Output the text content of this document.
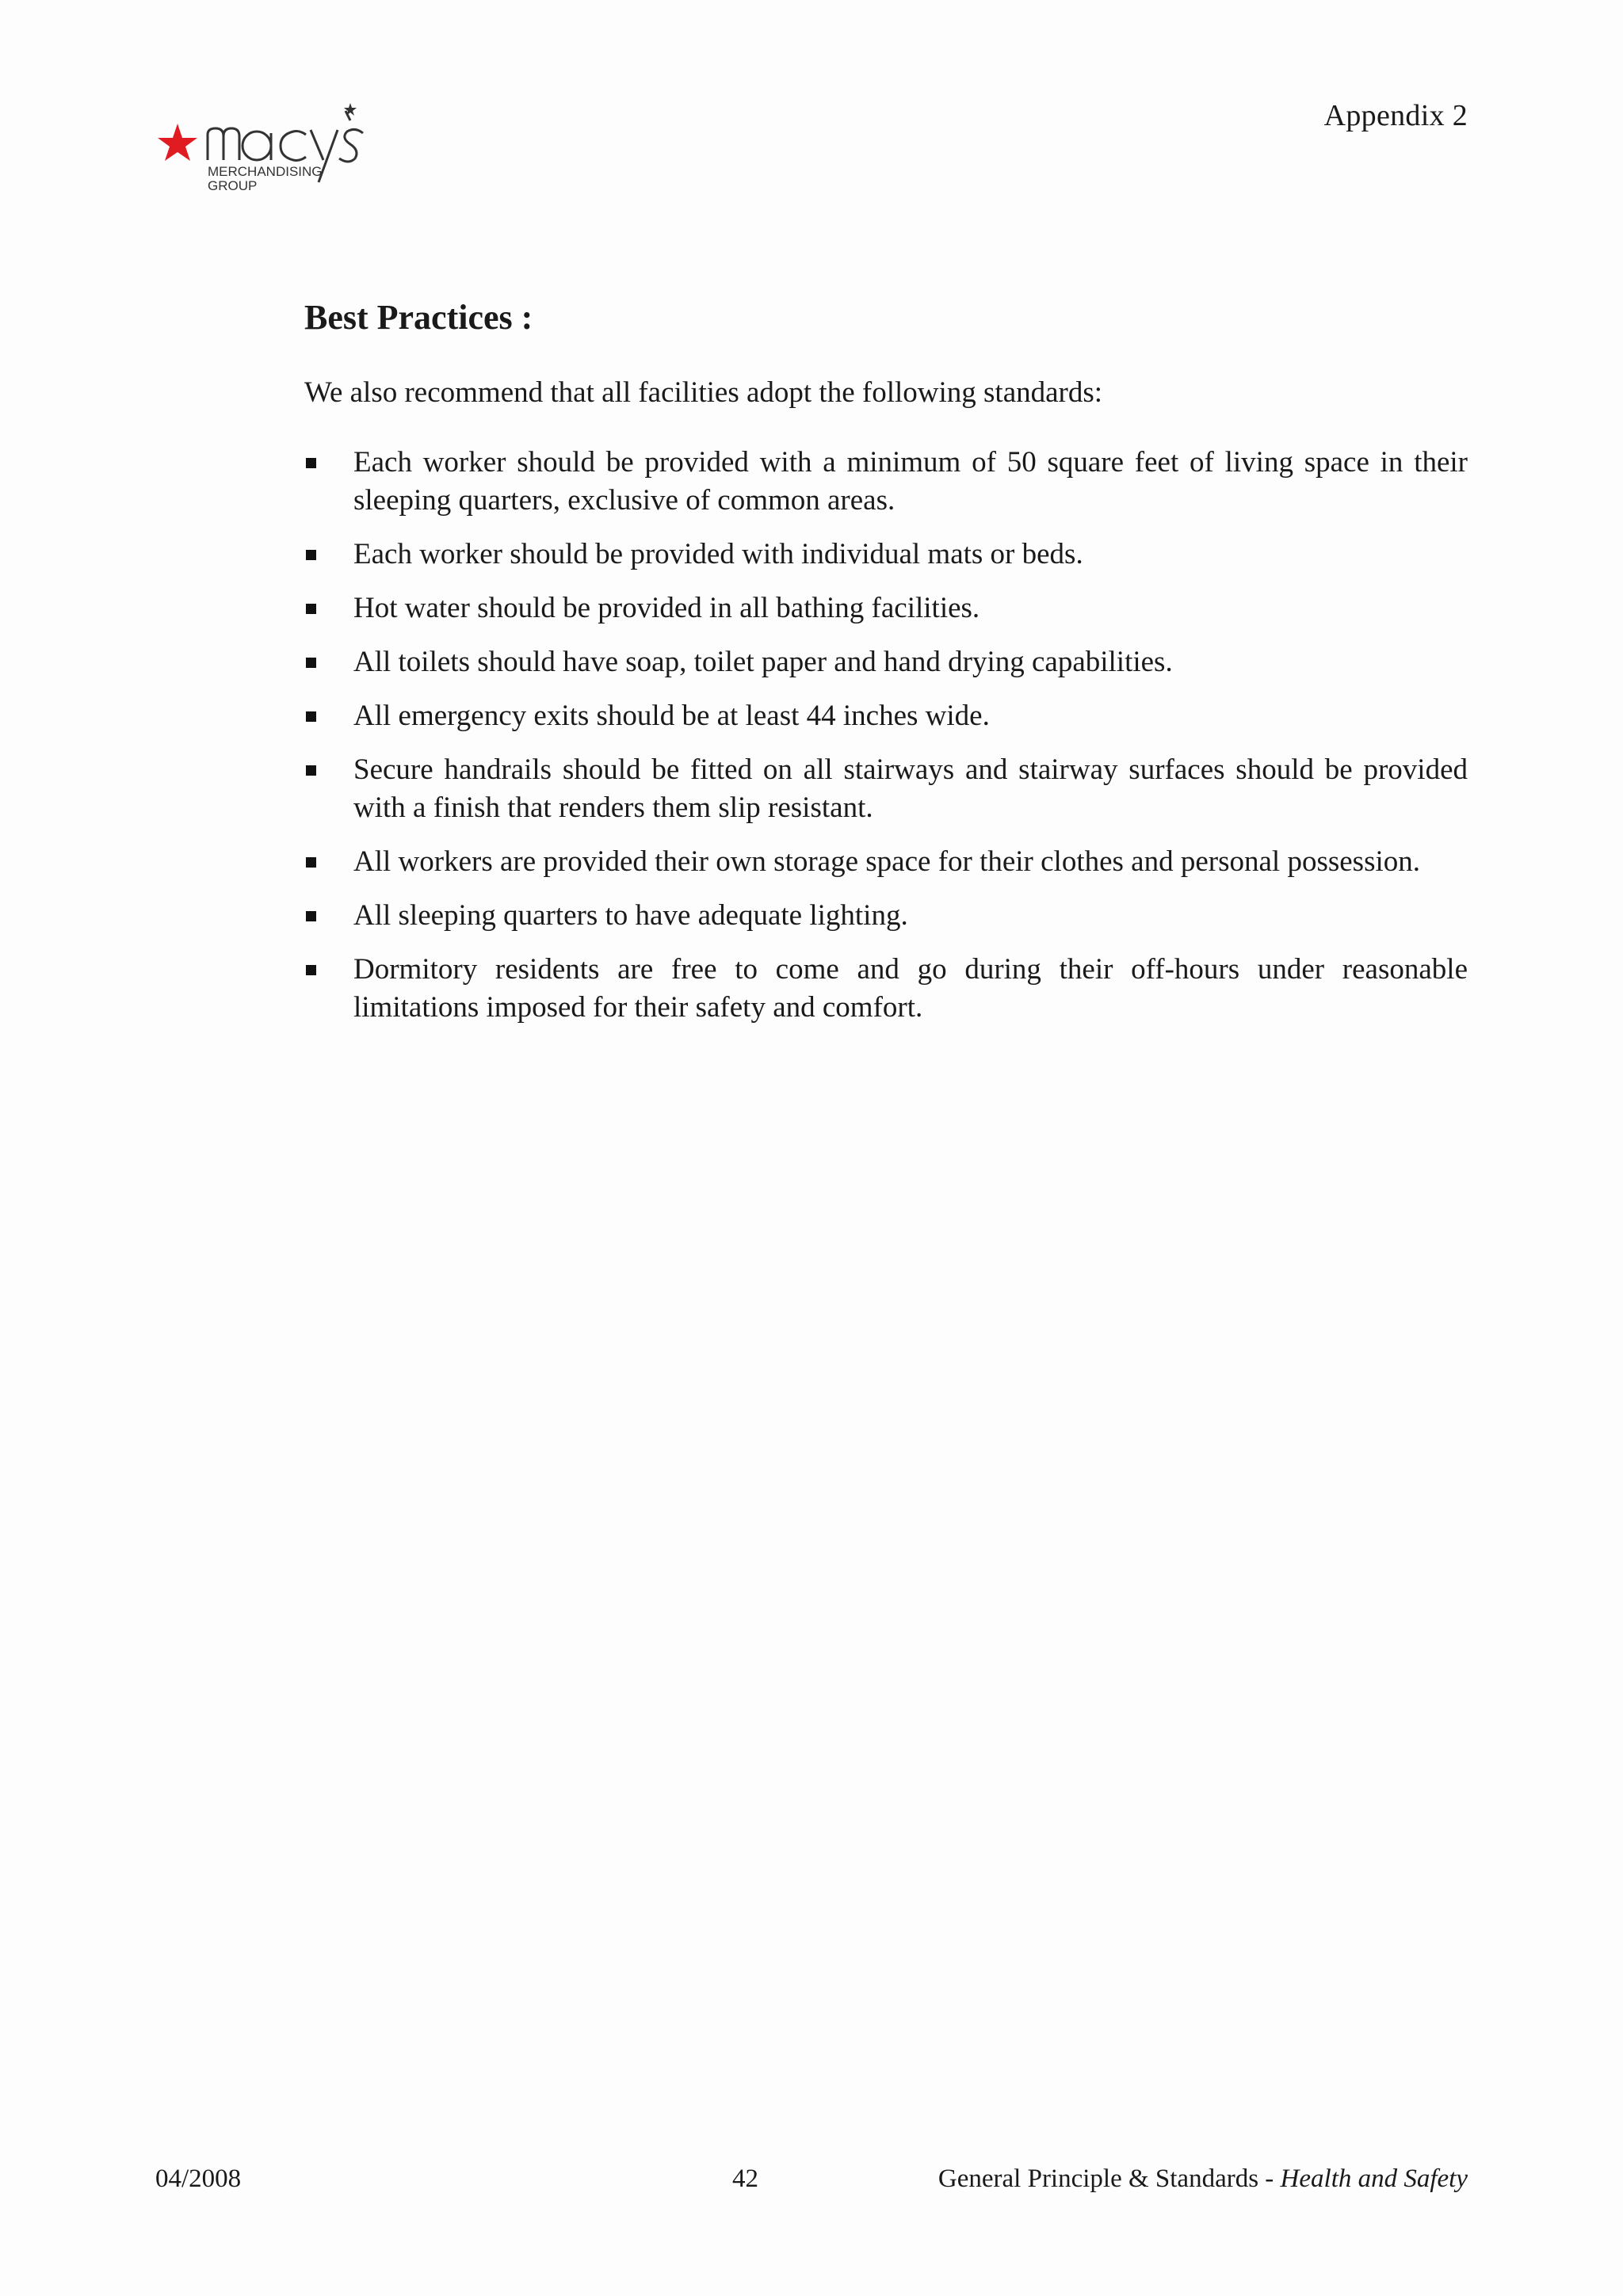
MERCHANDISING
GROUP
Appendix 2
Best Practices :

We also recommend that all facilities adopt the following standards:

Each worker should be provided with a minimum of 50 square feet of living space in their sleeping quarters, exclusive of common areas.
Each worker should be provided with individual mats or beds.
Hot water should be provided in all bathing facilities.
All toilets should have soap, toilet paper and hand drying capabilities.
All emergency exits should be at least 44 inches wide.
Secure handrails should be fitted on all stairways and stairway surfaces should be provided with a finish that renders them slip resistant.
All workers are provided their own storage space for their clothes and personal possession.
All sleeping quarters to have adequate lighting.
Dormitory residents are free to come and go during their off-hours under reasonable limitations imposed for their safety and comfort.
04/2008	42	General Principle & Standards - Health and Safety
